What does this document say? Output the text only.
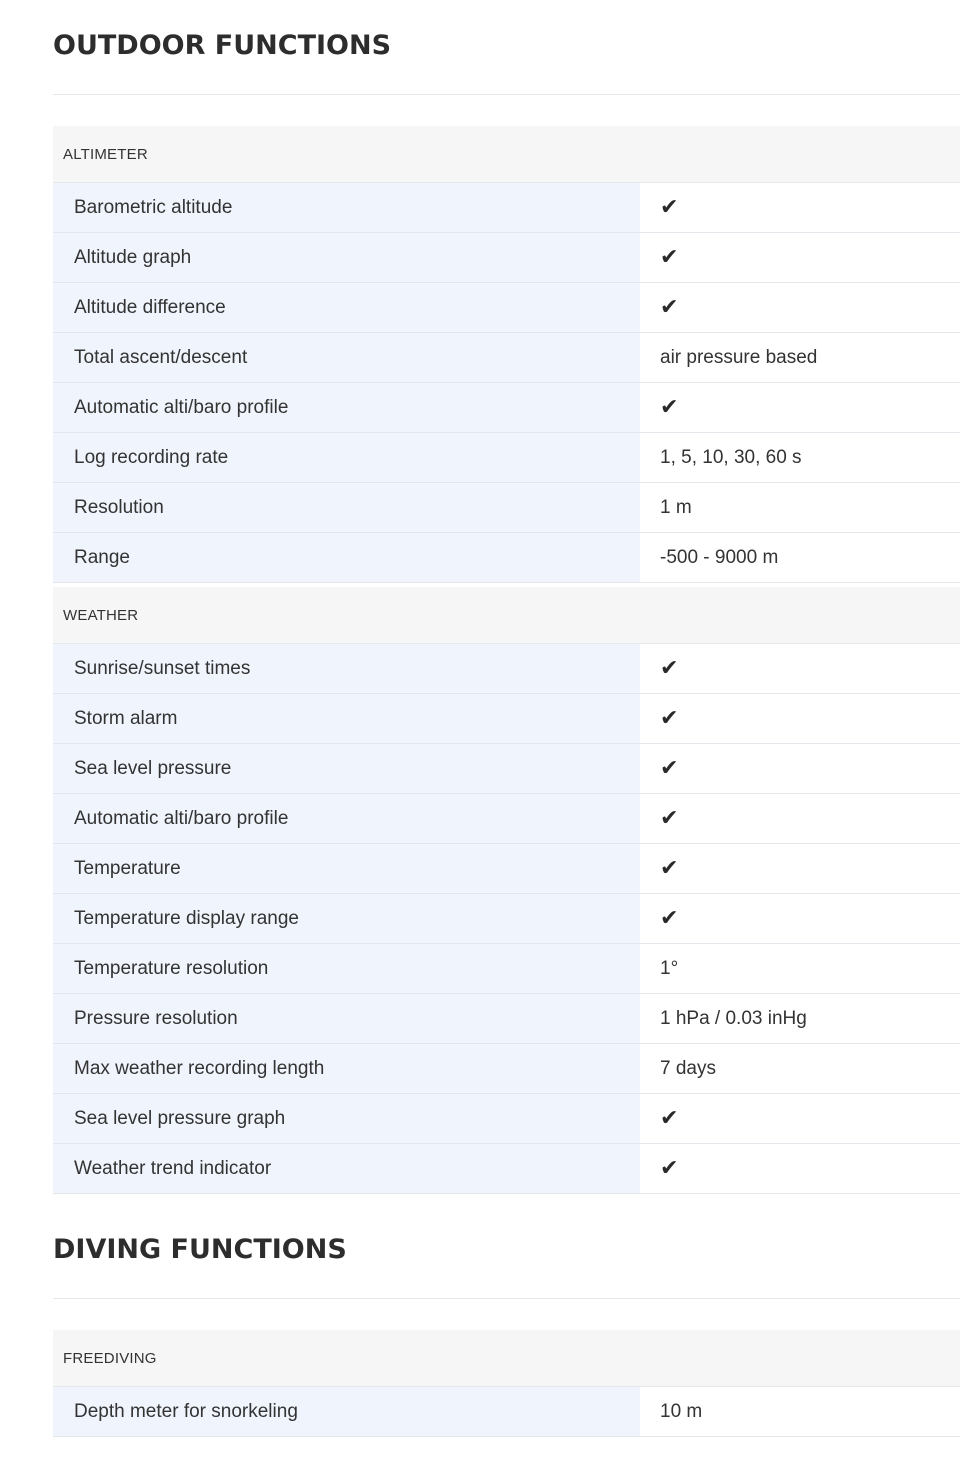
OUTDOOR FUNCTIONS
ALTIMETER
Barometric altitude	✔
Altitude graph	✔
Altitude difference	✔
Total ascent/descent	air pressure based
Automatic alti/baro profile	✔
Log recording rate	1, 5, 10, 30, 60 s
Resolution	1 m
Range	-500 - 9000 m
WEATHER
Sunrise/sunset times	✔
Storm alarm	✔
Sea level pressure	✔
Automatic alti/baro profile	✔
Temperature	✔
Temperature display range	✔
Temperature resolution	1°
Pressure resolution	1 hPa / 0.03 inHg
Max weather recording length	7 days
Sea level pressure graph	✔
Weather trend indicator	✔
DIVING FUNCTIONS
FREEDIVING
Depth meter for snorkeling	10 m
